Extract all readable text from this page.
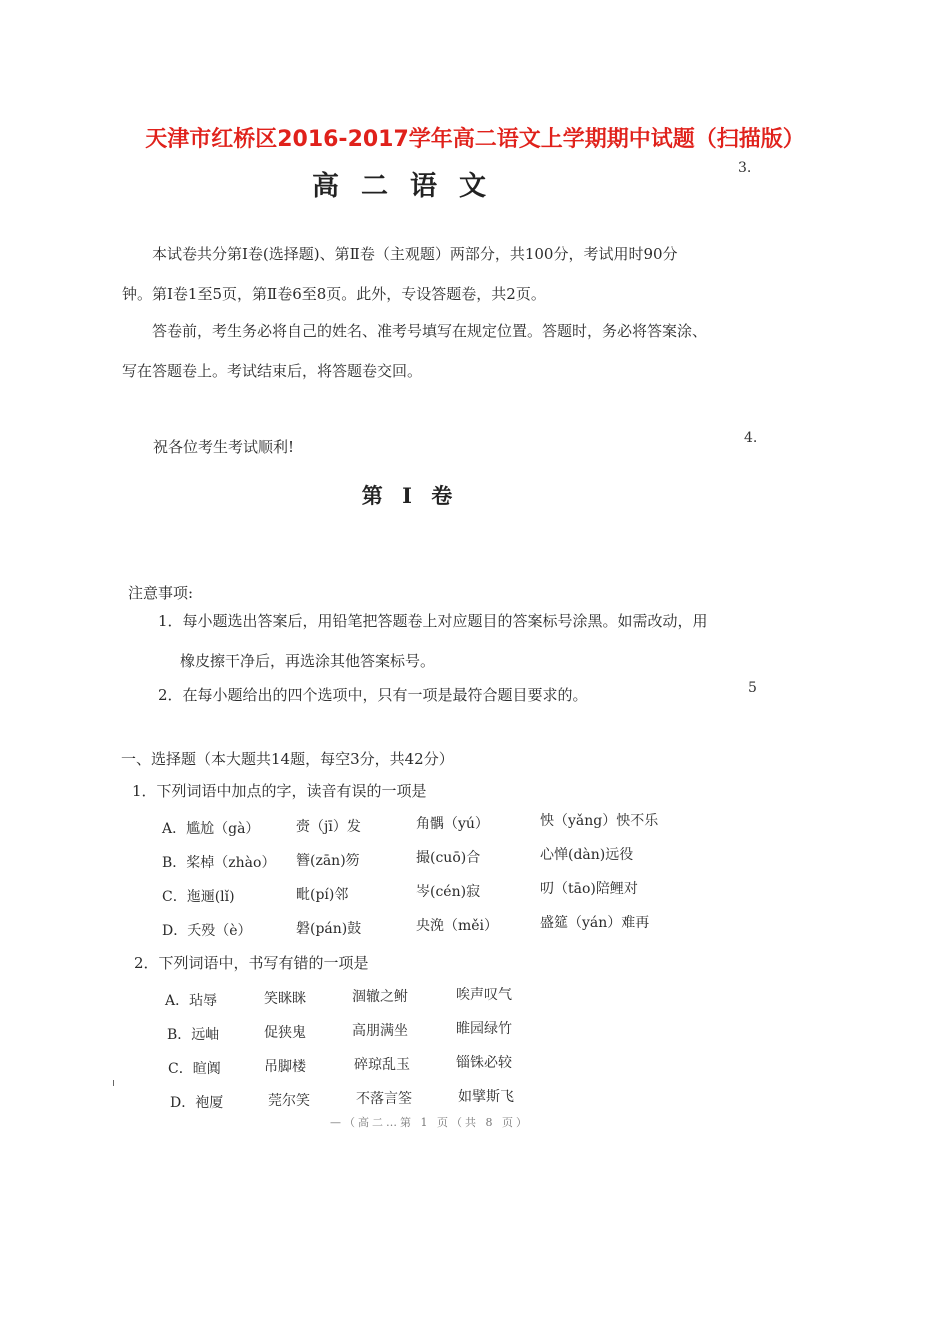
天津市红桥区2016-2017学年高二语文上学期期中试题（扫描版）
高二语文
3.
4.
5
本试卷共分第Ⅰ卷(选择题)、第Ⅱ卷（主观题）两部分，共100分，考试用时90分
钟。第Ⅰ卷1至5页，第Ⅱ卷6至8页。此外，专设答题卷，共2页。
答卷前，考生务必将自己的姓名、准考号填写在规定位置。答题时，务必将答案涂、
写在答题卷上。考试结束后，将答题卷交回。
祝各位考生考试顺利!
第 Ⅰ 卷
注意事项:
1．每小题选出答案后，用铅笔把答题卷上对应题目的答案标号涂黑。如需改动，用
橡皮擦干净后，再选涂其他答案标号。
2．在每小题给出的四个选项中，只有一项是最符合题目要求的。
一、选择题（本大题共14题，每空3分，共42分）
1．下列词语中加点的字，读音有误的一项是
A．尴尬（gà）	赍（jī）发	角髃（yú）	怏（yǎng）怏不乐
B．桨棹（zhào） 簪(zān)笏	撮(cuō)合	心惮(dàn)远役
C．迤逦(lǐ)	毗(pí)邻	岑(cén)寂	叨（tāo)陪鲤对
D．夭殁（è）	磐(pán)鼓	央浼（měi）	盛筵（yán）难再
2．下列词语中，书写有错的一项是
A．玷辱	笑眯眯	涸辙之鲋	唉声叹气
B．远岫	促狭鬼	高朋满坐	睢园绿竹
C．暄阗	吊脚楼	碎琼乱玉	锱铢必较
D．袍厦	莞尔笑	不落言筌	如擘斯飞
—（高二…第 1 页（共 8 页）
